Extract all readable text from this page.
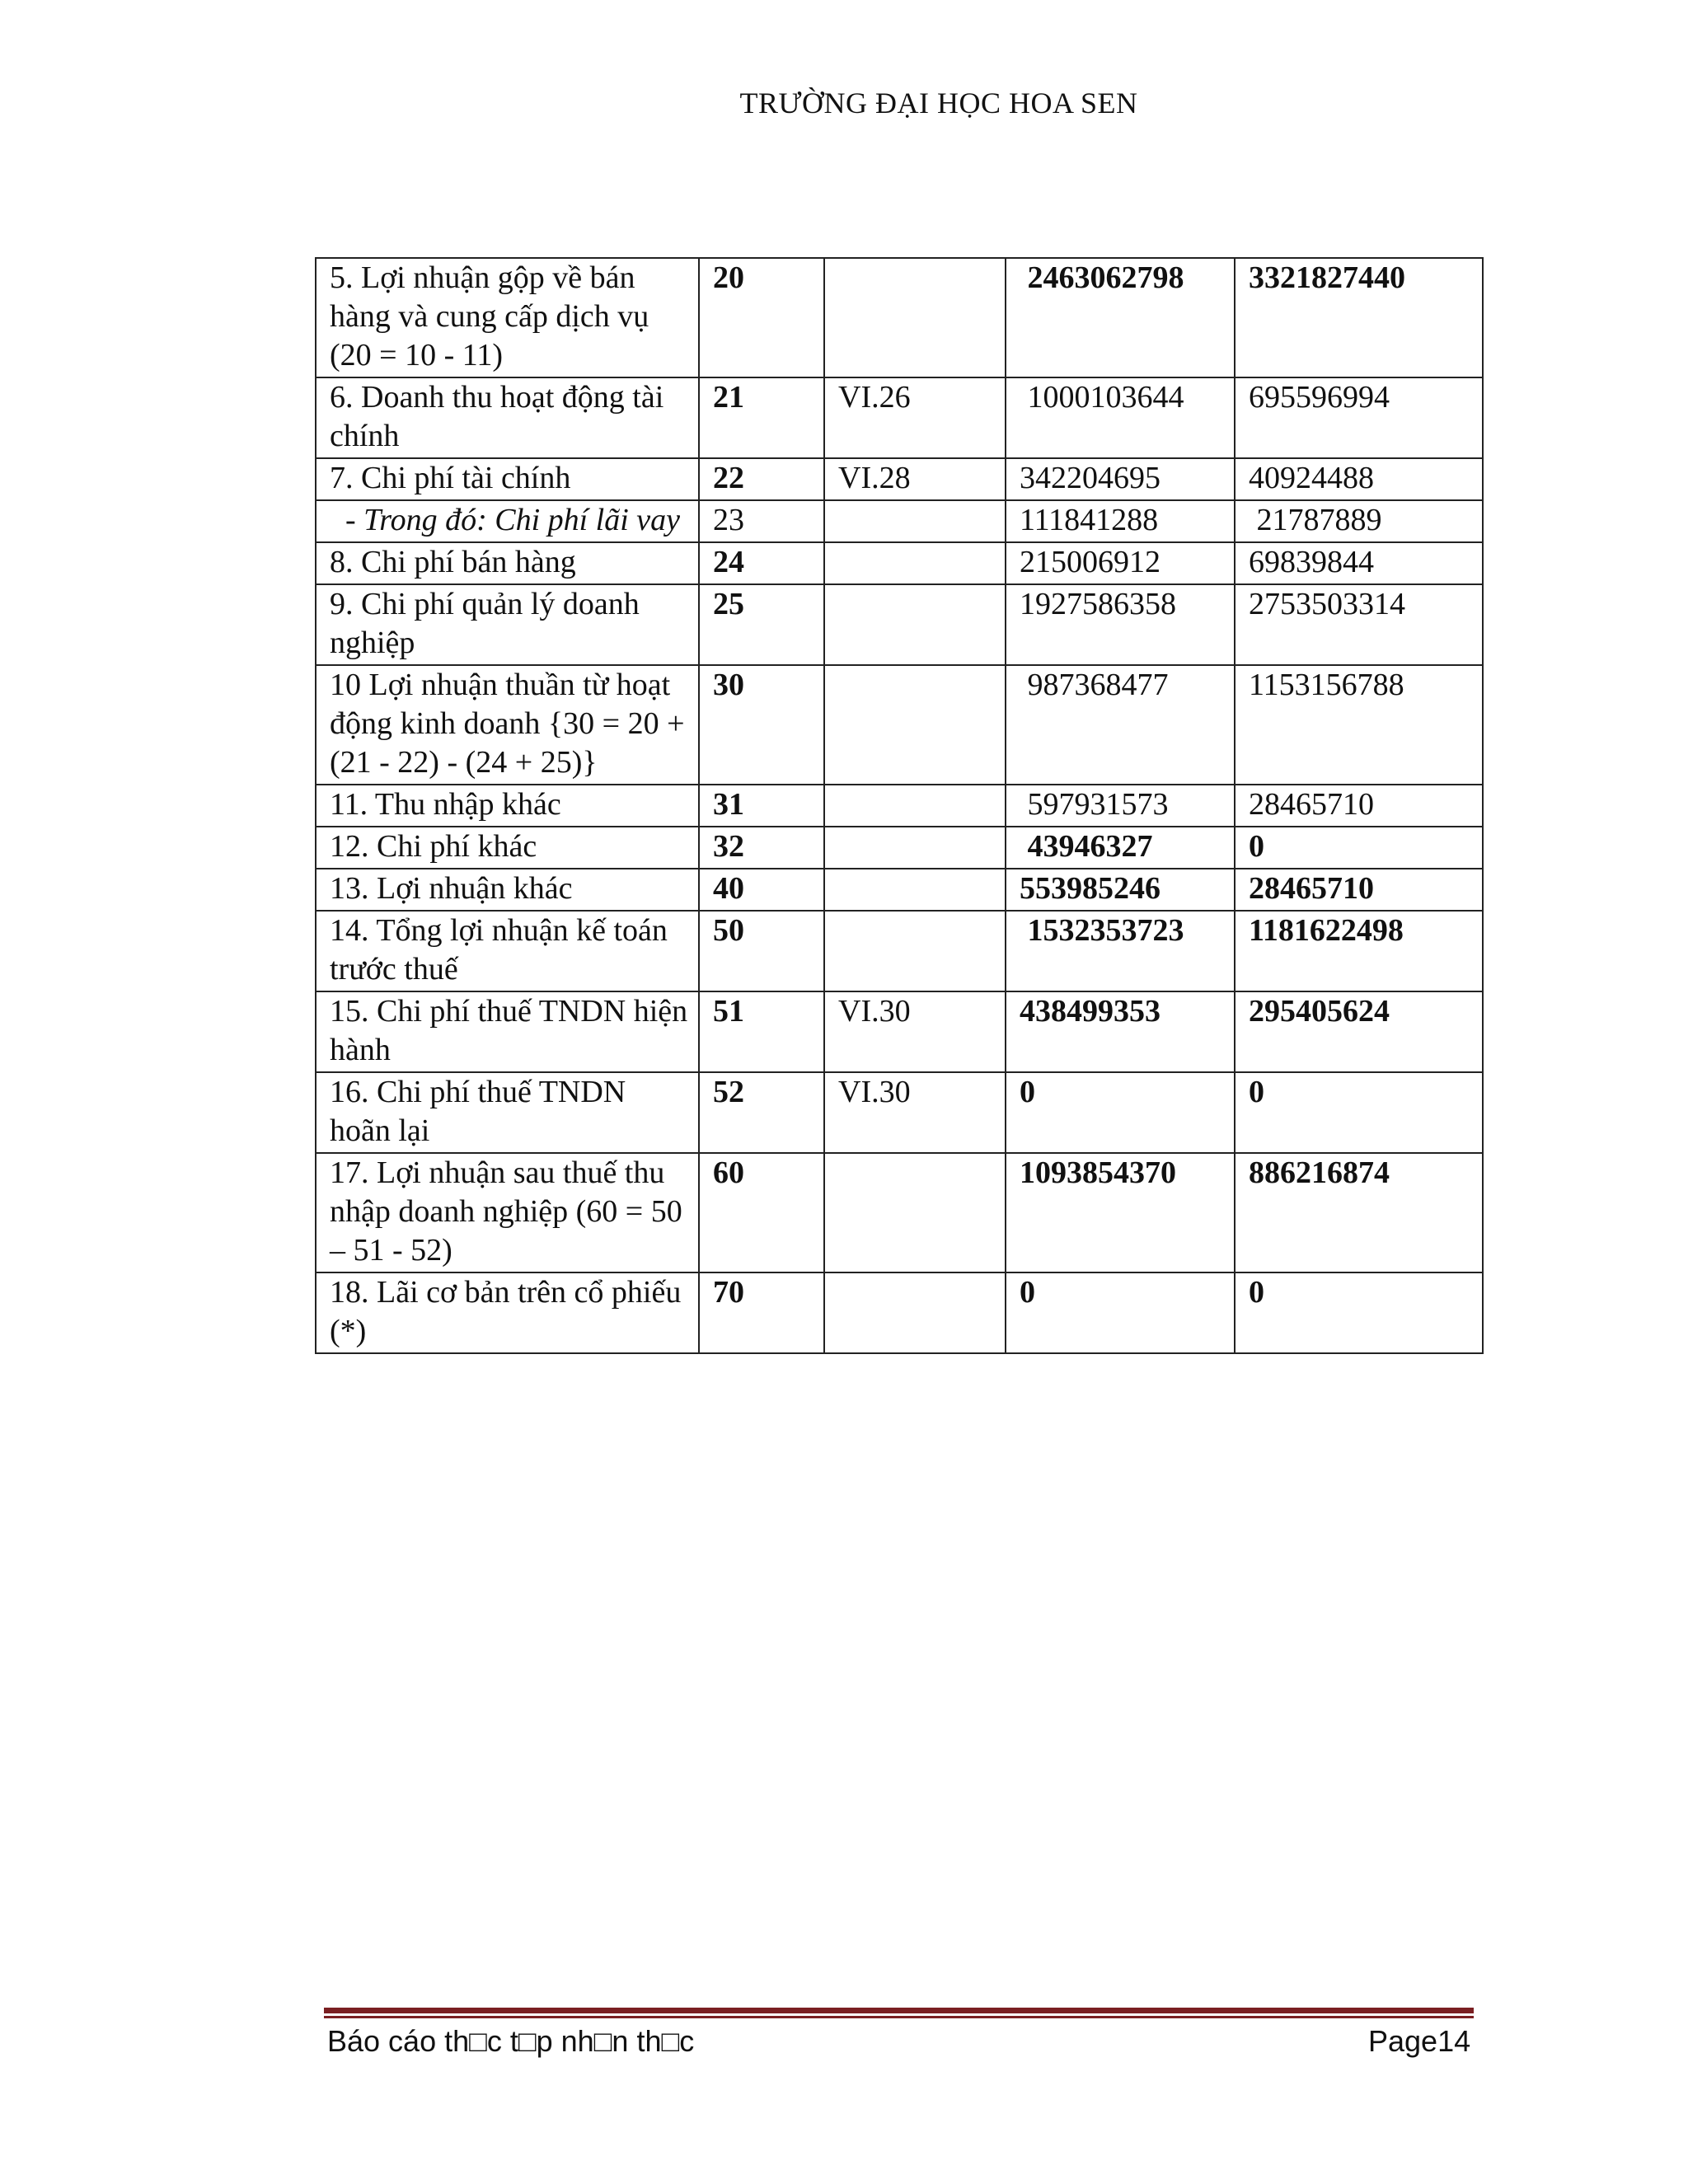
TRƯỜNG ĐẠI HỌC HOA SEN
5. Lợi nhuận gộp về bán hàng và cung cấp dịch vụ (20 = 10 - 11)	20		2463062798	3321827440
6. Doanh thu hoạt động tài chính	21	VI.26	1000103644	695596994
7. Chi phí tài chính	22	VI.28	342204695	40924488
- Trong đó: Chi phí lãi vay	23		111841288	21787889
8. Chi phí bán hàng	24		215006912	69839844
9. Chi phí quản lý doanh nghiệp	25		1927586358	2753503314
10 Lợi nhuận thuần từ hoạt động kinh doanh {30 = 20 + (21 - 22) - (24 + 25)}	30		987368477	1153156788
11. Thu nhập khác	31		597931573	28465710
12. Chi phí khác	32		43946327	0
13. Lợi nhuận khác	40		553985246	28465710
14. Tổng lợi nhuận kế toán trước thuế	50		1532353723	1181622498
15. Chi phí thuế TNDN hiện hành	51	VI.30	438499353	295405624
16. Chi phí thuế TNDN hoãn lại	52	VI.30	0	0
17. Lợi nhuận sau thuế thu nhập doanh nghiệp (60 = 50 – 51 - 52)	60		1093854370	886216874
18. Lãi cơ bản trên cổ phiếu (*)	70		0	0
Báo cáo th□c t□p nh□n th□c	Page14
